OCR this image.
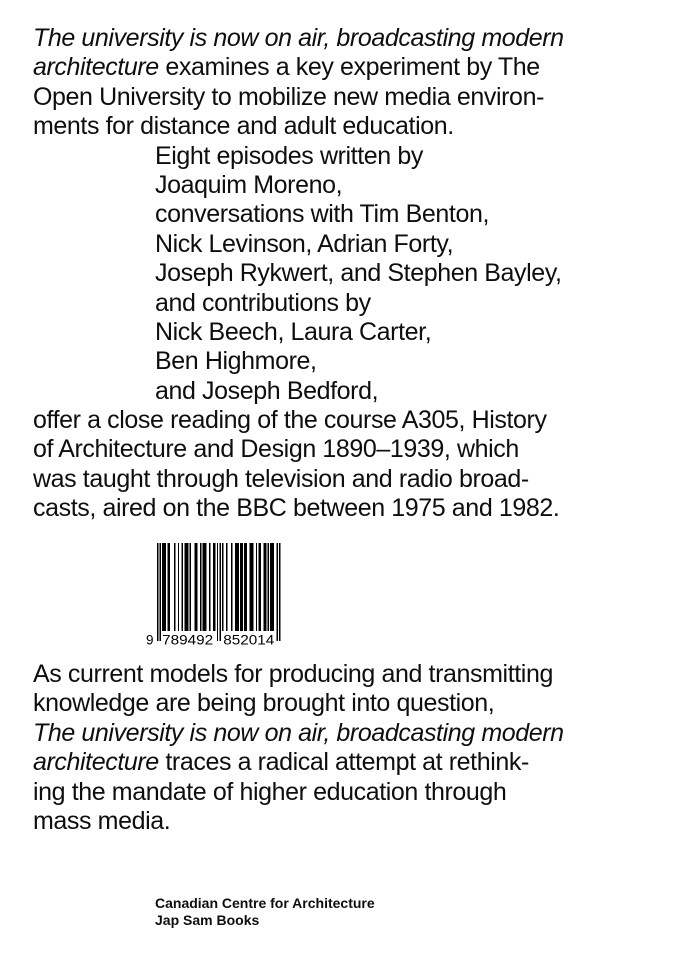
The university is now on air, broadcasting modern
architecture examines a key experiment by The
Open University to mobilize new media environ-
ments for distance and adult education.
Eight episodes written by
Joaquim Moreno,
conversations with Tim Benton,
Nick Levinson, Adrian Forty,
Joseph Rykwert, and Stephen Bayley,
and contributions by
Nick Beech, Laura Carter,
Ben Highmore,
and Joseph Bedford,
offer a close reading of the course A305, History
of Architecture and Design 1890–1939, which
was taught through television and radio broad-
casts, aired on the BBC between 1975 and 1982.
9 789492 852014
As current models for producing and transmitting
knowledge are being brought into question,
The university is now on air, broadcasting modern
architecture traces a radical attempt at rethink-
ing the mandate of higher education through
mass media.
Canadian Centre for Architecture
Jap Sam Books
